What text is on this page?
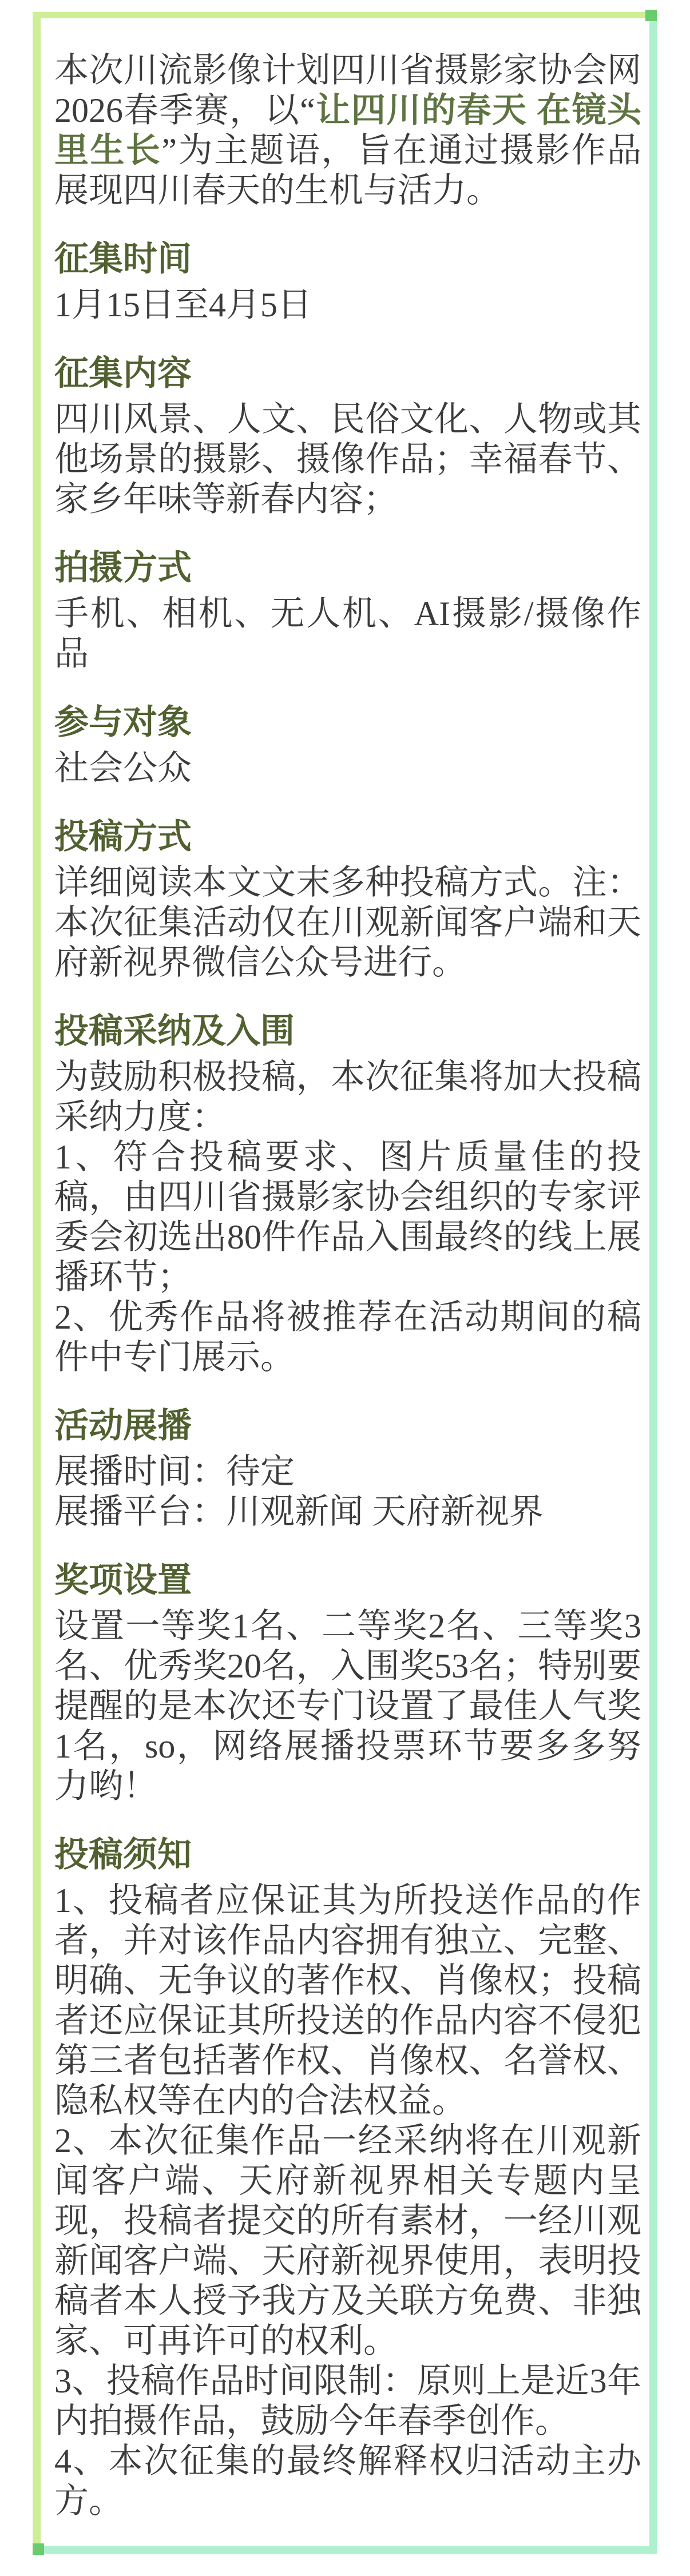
本次川流影像计划四川省摄影家协会网2026春季赛，以“让四川的春天 在镜头里生长”为主题语，旨在通过摄影作品展现四川春天的生机与活力。

征集时间

1月15日至4月5日

征集内容

四川风景、人文、民俗文化、人物或其他场景的摄影、摄像作品；幸福春节、家乡年味等新春内容；

拍摄方式

手机、相机、无人机、AI摄影/摄像作品

参与对象

社会公众

投稿方式

详细阅读本文文末多种投稿方式。注：本次征集活动仅在川观新闻客户端和天府新视界微信公众号进行。

投稿采纳及入围

为鼓励积极投稿，本次征集将加大投稿采纳力度：

1、符合投稿要求、图片质量佳的投稿，由四川省摄影家协会组织的专家评委会初选出80件作品入围最终的线上展播环节；

2、优秀作品将被推荐在活动期间的稿件中专门展示。

活动展播

展播时间：待定

展播平台：川观新闻 天府新视界

奖项设置

设置一等奖1名、二等奖2名、三等奖3名、优秀奖20名，入围奖53名；特别要提醒的是本次还专门设置了最佳人气奖1名，so，网络展播投票环节要多多努力哟！

投稿须知

1、投稿者应保证其为所投送作品的作者，并对该作品内容拥有独立、完整、明确、无争议的著作权、肖像权；投稿者还应保证其所投送的作品内容不侵犯第三者包括著作权、肖像权、名誉权、隐私权等在内的合法权益。

2、本次征集作品一经采纳将在川观新闻客户端、天府新视界相关专题内呈现，投稿者提交的所有素材，一经川观新闻客户端、天府新视界使用，表明投稿者本人授予我方及关联方免费、非独家、可再许可的权利。

3、投稿作品时间限制：原则上是近3年内拍摄作品，鼓励今年春季创作。

4、本次征集的最终解释权归活动主办方。
